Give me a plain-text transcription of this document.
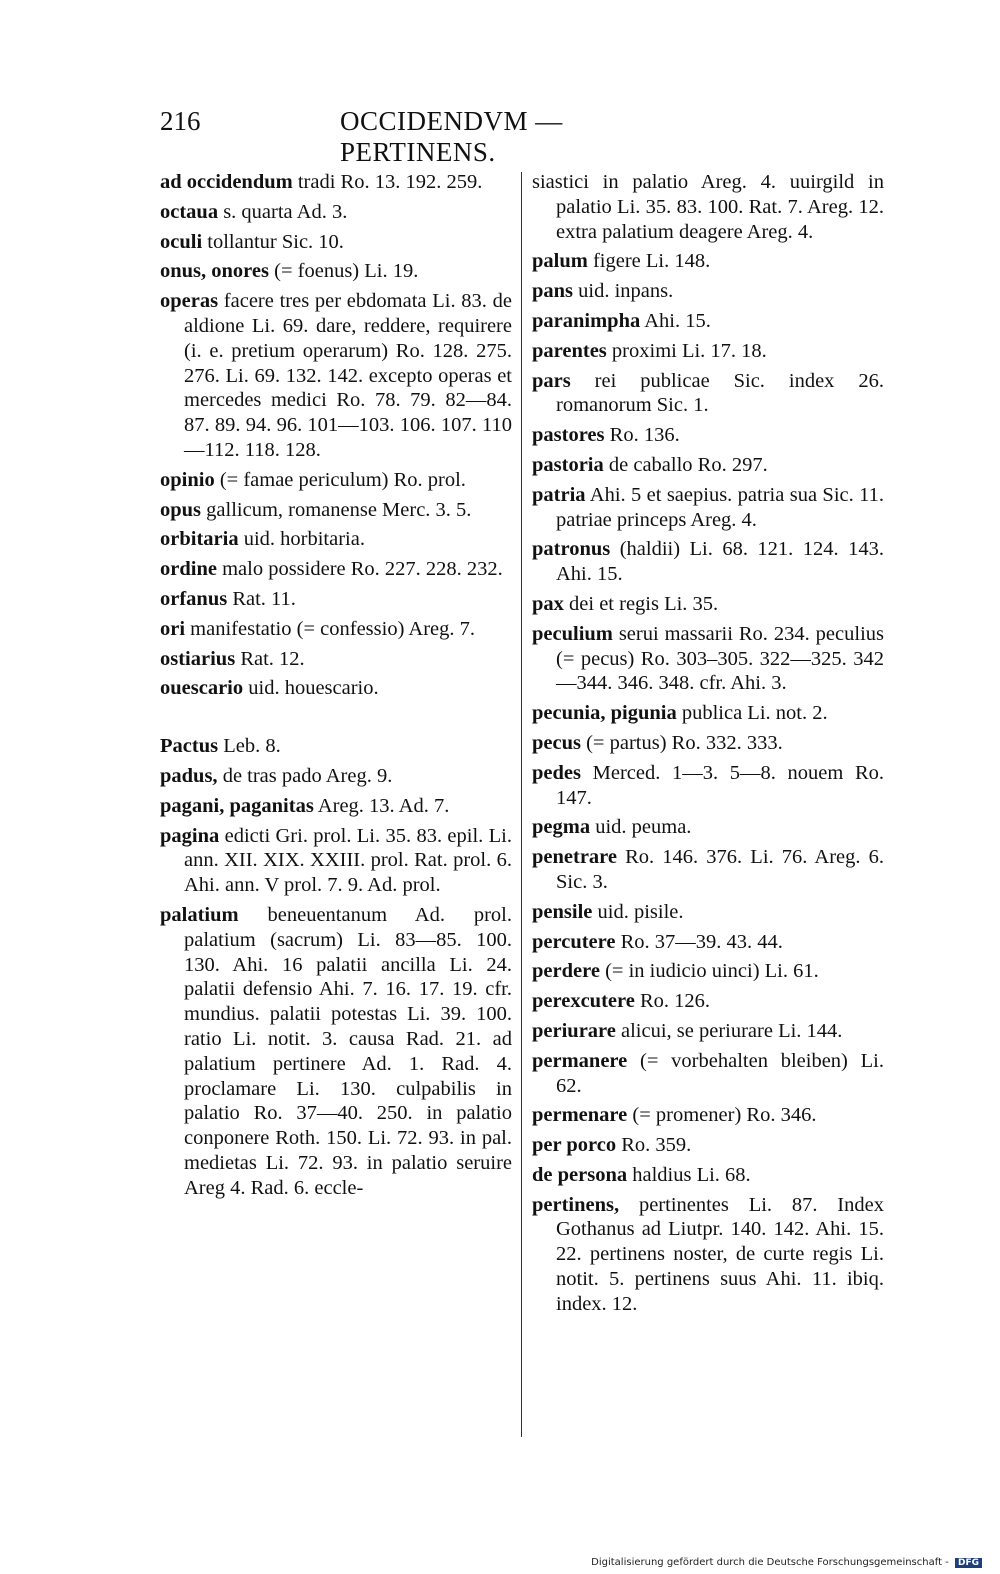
216	OCCIDENDVM — PERTINENS.

ad occidendum tradi Ro. 13. 192. 259.

octaua s. quarta Ad. 3.

oculi tollantur Sic. 10.

onus, onores (= foenus) Li. 19.

operas facere tres per ebdomata Li. 83. de aldione Li. 69. dare, reddere, requirere (i. e. pretium operarum) Ro. 128. 275. 276. Li. 69. 132. 142. excepto operas et mercedes medici Ro. 78. 79. 82—84. 87. 89. 94. 96. 101—103. 106. 107. 110—112. 118. 128.

opinio (= famae periculum) Ro. prol.

opus gallicum, romanense Merc. 3. 5.

orbitaria uid. horbitaria.

ordine malo possidere Ro. 227. 228. 232.

orfanus Rat. 11.

ori manifestatio (= confessio) Areg. 7.

ostiarius Rat. 12.

ouescario uid. houescario.

Pactus Leb. 8.

padus, de tras pado Areg. 9.

pagani, paganitas Areg. 13. Ad. 7.

pagina edicti Gri. prol. Li. 35. 83. epil. Li. ann. XII. XIX. XXIII. prol. Rat. prol. 6. Ahi. ann. V prol. 7. 9. Ad. prol.

palatium beneuentanum Ad. prol. palatium (sacrum) Li. 83—85. 100. 130. Ahi. 16 palatii ancilla Li. 24. palatii defensio Ahi. 7. 16. 17. 19. cfr. mundius. palatii potestas Li. 39. 100. ratio Li. notit. 3. causa Rad. 21. ad palatium pertinere Ad. 1. Rad. 4. proclamare Li. 130. culpabilis in palatio Ro. 37—40. 250. in palatio conponere Roth. 150. Li. 72. 93. in pal. medietas Li. 72. 93. in palatio seruire Areg 4. Rad. 6. eccle-

siastici in palatio Areg. 4. uuirgild in palatio Li. 35. 83. 100. Rat. 7. Areg. 12. extra palatium deagere Areg. 4.

palum figere Li. 148.

pans uid. inpans.

paranimpha Ahi. 15.

parentes proximi Li. 17. 18.

pars rei publicae Sic. index 26. romanorum Sic. 1.

pastores Ro. 136.

pastoria de caballo Ro. 297.

patria Ahi. 5 et saepius. patria sua Sic. 11. patriae princeps Areg. 4.

patronus (haldii) Li. 68. 121. 124. 143. Ahi. 15.

pax dei et regis Li. 35.

peculium serui massarii Ro. 234. peculius (= pecus) Ro. 303–305. 322—325. 342—344. 346. 348. cfr. Ahi. 3.

pecunia, pigunia publica Li. not. 2.

pecus (= partus) Ro. 332. 333.

pedes Merced. 1—3. 5—8. nouem Ro. 147.

pegma uid. peuma.

penetrare Ro. 146. 376. Li. 76. Areg. 6. Sic. 3.

pensile uid. pisile.

percutere Ro. 37—39. 43. 44.

perdere (= in iudicio uinci) Li. 61.

perexcutere Ro. 126.

periurare alicui, se periurare Li. 144.

permanere (= vorbehalten bleiben) Li. 62.

permenare (= promener) Ro. 346.

per porco Ro. 359.

de persona haldius Li. 68.

pertinens, pertinentes Li. 87. Index Gothanus ad Liutpr. 140. 142. Ahi. 15. 22. pertinens noster, de curte regis Li. notit. 5. pertinens suus Ahi. 11. ibiq. index. 12.

Digitalisierung gefördert durch die Deutsche Forschungsgemeinschaft - DFG
